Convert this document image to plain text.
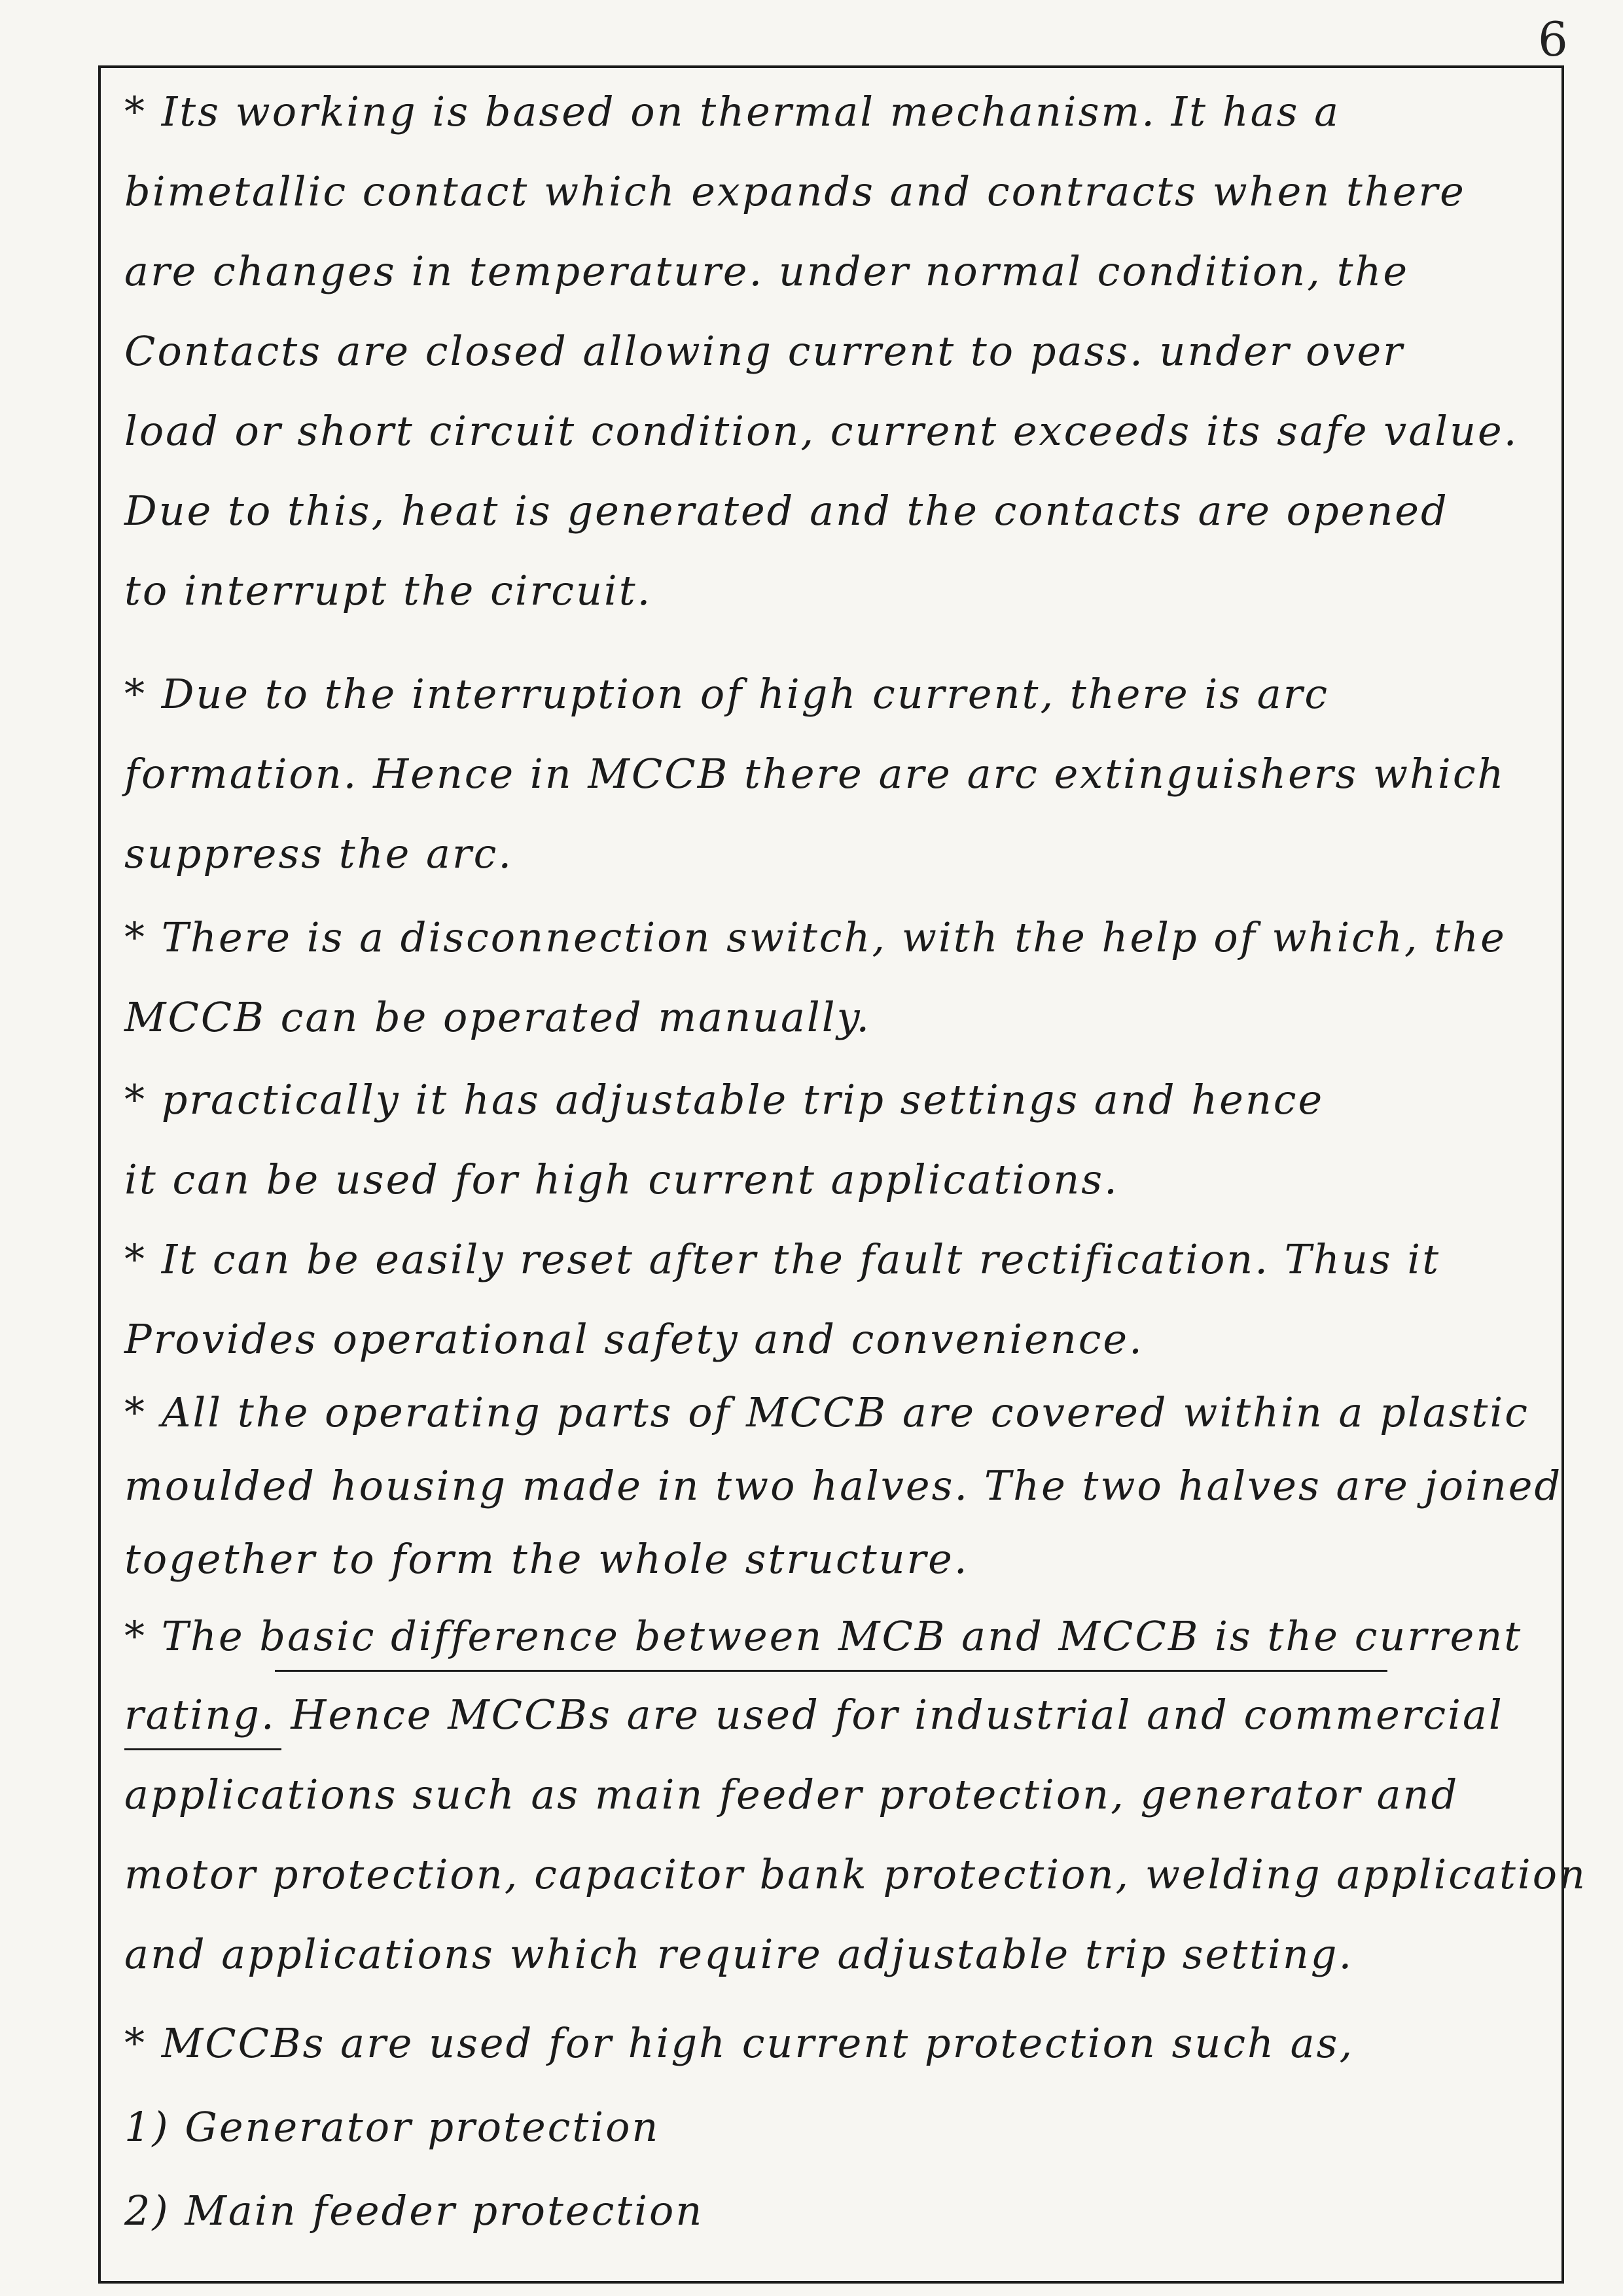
6
* Its working is based on thermal mechanism. It has a
bimetallic contact which expands and contracts when there
are changes in temperature. under normal condition, the
Contacts are closed allowing current to pass. under over
load or short circuit condition, current exceeds its safe value.
Due to this, heat is generated and the contacts are opened
to interrupt the circuit.
* Due to the interruption of high current, there is arc
formation. Hence in MCCB there are arc extinguishers which
suppress the arc.
* There is a disconnection switch, with the help of which, the
MCCB can be operated manually.
* practically it has adjustable trip settings and hence
it can be used for high current applications.
* It can be easily reset after the fault rectification. Thus it
Provides operational safety and convenience.
* All the operating parts of MCCB are covered within a plastic
moulded housing made in two halves. The two halves are joined
together to form the whole structure.
* The basic difference between MCB and MCCB is the current
rating. Hence MCCBs are used for industrial and commercial
applications such as main feeder protection, generator and
motor protection, capacitor bank protection, welding application
and applications which require adjustable trip setting.
* MCCBs are used for high current protection such as,
1) Generator protection
2) Main feeder protection
